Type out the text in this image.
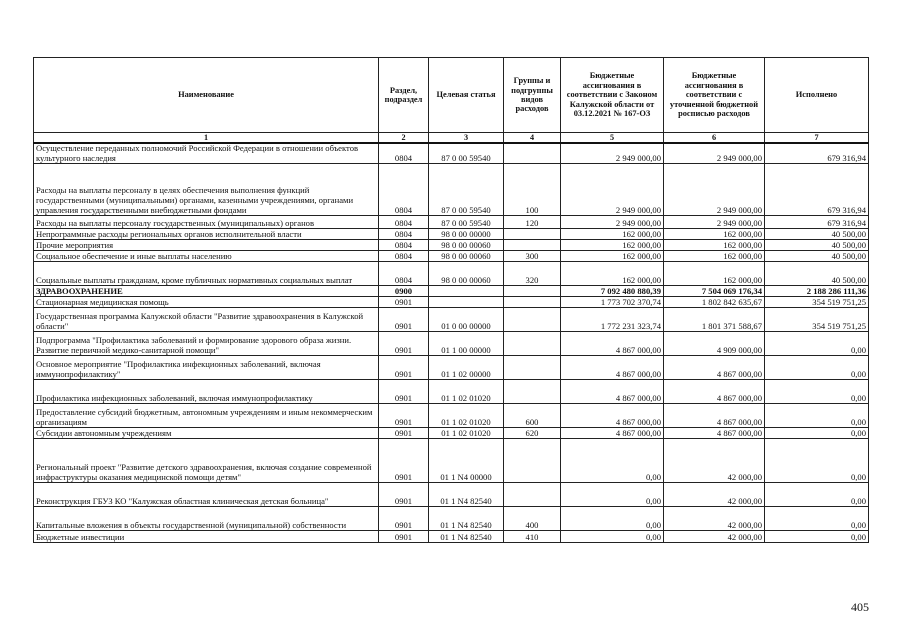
Наименование	Раздел, подраздел	Целевая статья	Группы и подгруппы видов расходов	Бюджетные ассигнования в соответствии с Законом Калужской области от 03.12.2021 № 167-ОЗ	Бюджетные ассигнования в соответствии с уточненной бюджетной росписью расходов	Исполнено
1	2	3	4	5	6	7
Осуществление переданных полномочий Российской Федерации в отношении объектов культурного наследия	0804	87 0 00 59540		2 949 000,00	2 949 000,00	679 316,94
Расходы на выплаты персоналу в целях обеспечения выполнения функций государственными (муниципальными) органами, казенными учреждениями, органами управления государственными внебюджетными фондами	0804	87 0 00 59540	100	2 949 000,00	2 949 000,00	679 316,94
Расходы на выплаты персоналу государственных (муниципальных) органов	0804	87 0 00 59540	120	2 949 000,00	2 949 000,00	679 316,94
Непрограммные расходы региональных органов исполнительной власти	0804	98 0 00 00000		162 000,00	162 000,00	40 500,00
Прочие мероприятия	0804	98 0 00 00060		162 000,00	162 000,00	40 500,00
Социальное обеспечение и иные выплаты населению	0804	98 0 00 00060	300	162 000,00	162 000,00	40 500,00
Социальные выплаты гражданам, кроме публичных нормативных социальных выплат	0804	98 0 00 00060	320	162 000,00	162 000,00	40 500,00
ЗДРАВООХРАНЕНИЕ	0900			7 092 480 880,39	7 504 069 176,34	2 188 286 111,36
Стационарная медицинская помощь	0901			1 773 702 370,74	1 802 842 635,67	354 519 751,25
Государственная программа Калужской области "Развитие здравоохранения в Калужской области"	0901	01 0 00 00000		1 772 231 323,74	1 801 371 588,67	354 519 751,25
Подпрограмма "Профилактика заболеваний и формирование здорового образа жизни. Развитие первичной медико-санитарной помощи"	0901	01 1 00 00000		4 867 000,00	4 909 000,00	0,00
Основное мероприятие "Профилактика инфекционных заболеваний, включая иммунопрофилактику"	0901	01 1 02 00000		4 867 000,00	4 867 000,00	0,00
Профилактика инфекционных заболеваний, включая иммунопрофилактику	0901	01 1 02 01020		4 867 000,00	4 867 000,00	0,00
Предоставление субсидий бюджетным, автономным учреждениям и иным некоммерческим организациям	0901	01 1 02 01020	600	4 867 000,00	4 867 000,00	0,00
Субсидии автономным учреждениям	0901	01 1 02 01020	620	4 867 000,00	4 867 000,00	0,00
Региональный проект "Развитие детского здравоохранения, включая создание современной инфраструктуры оказания медицинской помощи детям"	0901	01 1 N4 00000		0,00	42 000,00	0,00
Реконструкция ГБУЗ КО "Калужская областная клиническая детская больница"	0901	01 1 N4 82540		0,00	42 000,00	0,00
Капитальные вложения в объекты государственной (муниципальной) собственности	0901	01 1 N4 82540	400	0,00	42 000,00	0,00
Бюджетные инвестиции	0901	01 1 N4 82540	410	0,00	42 000,00	0,00
405
